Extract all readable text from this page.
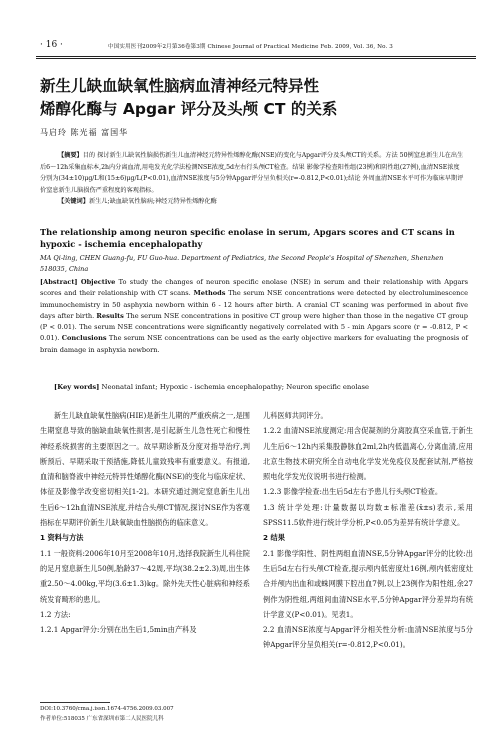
· 16 ·	中国实用医刊2009年2月第36卷第3期 Chinese Journal of Practical Medicine Feb. 2009, Vol. 36, No. 3
新生儿缺血缺氧性脑病血清神经元特异性
烯醇化酶与 Apgar 评分及头颅 CT 的关系
马启玲 陈光福 富国华

【摘要】目的 探讨新生儿缺氧性脑损伤新生儿血清神经元特异性烯醇化酶(NSE)的变化与Apgar评分及头颅CT的关系。方法 50例窒息新生儿在出生后6～12h采集血标本,2h内分离血清,用电发光化学法检测NSE浓度,5d左右行头颅CT检查。结果 影像学检查阳性组(23例)和阴性组(27例),血清NSE浓度分别为(34±10)μg/L和(15±6)μg/L(P<0.01),血清NSE浓度与5分钟Apgar评分呈负相关(r=-0.812,P<0.01);结论 外周血清NSE水平可作为临床早期评价窒息新生儿脑损伤严重程度的客观指标。

【关键词】新生儿;缺血缺氧性脑病;神经元特异性烯醇化酶

The relationship among neuron specific enolase in serum, Apgars scores and CT scans in hypoxic - ischemia encephalopathy
MA Qi-ling, CHEN Guang-fu, FU Guo-hua. Department of Pediatrics, the Second People's Hospital of Shenzhen, Shenzhen 518035, China

[Abstract] Objective To study the changes of neuron specific enolase (NSE) in serum and their relationship with Apgars scores and their relationship with CT scans. Methods The serum NSE concentrations were detected by electroluminescence immunochemistry in 50 asphyxia newborn within 6 - 12 hours after birth. A cranial CT scaning was performed in about five days after birth. Results The serum NSE concentrations in positive CT group were higher than those in the negative CT group (P < 0.01). The serum NSE concentrations were significantly negatively correlated with 5 - min Apgars score (r = -0.812, P < 0.01). Conclusions The serum NSE concentrations can be used as the early objective markers for evaluating the prognosis of brain damage in asphyxia newborn.

[Key words] Neonatal infant; Hypoxic - ischemia encephalopathy; Neuron specific enolase

新生儿缺血缺氧性脑病(HIE)是新生儿期的严重疾病之一,是围生期窒息导致的脑缺血缺氧性损害,是引起新生儿急性死亡和慢性神经系统损害的主要原因之一。故早期诊断及分度对指导治疗,判断预后、早期采取干预措施,降低儿童致残率有重要意义。有报道,血清和脑脊液中神经元特异性烯醇化酶(NSE)的变化与临床症状、体征及影像学改变密切相关[1-2]。本研究通过测定窒息新生儿出生后6～12h血清NSE浓度,并结合头颅CT情况,探讨NSE作为客观指标在早期评价新生儿缺氧缺血性脑损伤的临床意义。

1 资料与方法

1.1 一般资料:2006年10月至2008年10月,选择我院新生儿科住院的足月窒息新生儿50例,胎龄37～42周,平均(38.2±2.3)周,出生体重2.50～4.00kg,平均(3.6±1.3)kg。除外先天性心脏病和神经系统发育畸形的患儿。

1.2 方法:

1.2.1 Apgar评分:分别在出生后1,5min由产科及

儿科医师共同评分。

1.2.2 血清NSE浓度测定:用含促凝剂的分离胶真空采血管,于新生儿生后6～12h内采集股静脉血2ml,2h内低温离心,分离血清,应用北京生物技术研究所全自动电化学发光免疫仪及配套试剂,严格按照电化学发光仪说明书进行检测。

1.2.3 影像学检查:出生后5d左右予患儿行头颅CT检查。

1.3 统计学处理:计量数据以均数±标准差(x̄±s)表示,采用SPSS11.5软件进行统计学分析,P<0.05为差异有统计学意义。

2 结果

2.1 影像学阳性、阴性两组血清NSE,5分钟Apgar评分的比较:出生后5d左右行头颅CT检查,提示颅内低密度灶16例,颅内低密度灶合并颅内出血和或蛛网膜下腔出血7例,以上23例作为阳性组,余27例作为阴性组,两组间血清NSE水平,5分钟Apgar评分差异均有统计学意义(P<0.01)。见表1。

2.2 血清NSE浓度与Apgar评分相关性分析:血清NSE浓度与5分钟Apgar评分呈负相关(r=-0.812,P<0.01)。

DOI:10.3760/cma.j.issn.1674-4756.2009.03.007
作者单位:518035 广东省深圳市第二人民医院儿科
